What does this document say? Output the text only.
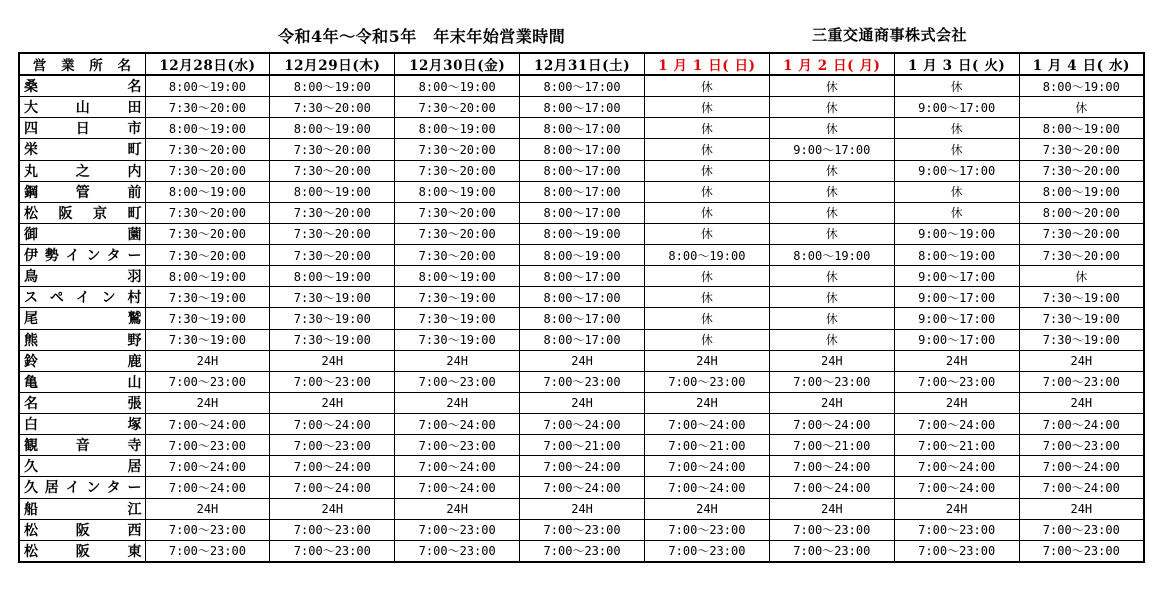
令和4年～令和5年　年末年始営業時間	三重交通商事株式会社
営　業　所　名	12月28日(水)	12月29日(木)	12月30日(金)	12月31日(土)	1 月 1 日( 日)	1 月 2 日( 月)	1 月 3 日( 火)	1 月 4 日( 水)
桑名	8:00～19:00	8:00～19:00	8:00～19:00	8:00～17:00	休	休	休	8:00～19:00
大山田	7:30～20:00	7:30～20:00	7:30～20:00	8:00～17:00	休	休	9:00～17:00	休
四日市	8:00～19:00	8:00～19:00	8:00～19:00	8:00～17:00	休	休	休	8:00～19:00
栄町	7:30～20:00	7:30～20:00	7:30～20:00	8:00～17:00	休	9:00～17:00	休	7:30～20:00
丸之内	7:30～20:00	7:30～20:00	7:30～20:00	8:00～17:00	休	休	9:00～17:00	7:30～20:00
鋼管前	8:00～19:00	8:00～19:00	8:00～19:00	8:00～17:00	休	休	休	8:00～19:00
松阪京町	7:30～20:00	7:30～20:00	7:30～20:00	8:00～17:00	休	休	休	8:00～20:00
御薗	7:30～20:00	7:30～20:00	7:30～20:00	8:00～19:00	休	休	9:00～19:00	7:30～20:00
伊勢インター	7:30～20:00	7:30～20:00	7:30～20:00	8:00～19:00	8:00～19:00	8:00～19:00	8:00～19:00	7:30～20:00
鳥羽	8:00～19:00	8:00～19:00	8:00～19:00	8:00～17:00	休	休	9:00～17:00	休
スペイン村	7:30～19:00	7:30～19:00	7:30～19:00	8:00～17:00	休	休	9:00～17:00	7:30～19:00
尾鷲	7:30～19:00	7:30～19:00	7:30～19:00	8:00～17:00	休	休	9:00～17:00	7:30～19:00
熊野	7:30～19:00	7:30～19:00	7:30～19:00	8:00～17:00	休	休	9:00～17:00	7:30～19:00
鈴鹿	24H	24H	24H	24H	24H	24H	24H	24H
亀山	7:00～23:00	7:00～23:00	7:00～23:00	7:00～23:00	7:00～23:00	7:00～23:00	7:00～23:00	7:00～23:00
名張	24H	24H	24H	24H	24H	24H	24H	24H
白塚	7:00～24:00	7:00～24:00	7:00～24:00	7:00～24:00	7:00～24:00	7:00～24:00	7:00～24:00	7:00～24:00
観音寺	7:00～23:00	7:00～23:00	7:00～23:00	7:00～21:00	7:00～21:00	7:00～21:00	7:00～21:00	7:00～23:00
久居	7:00～24:00	7:00～24:00	7:00～24:00	7:00～24:00	7:00～24:00	7:00～24:00	7:00～24:00	7:00～24:00
久居インター	7:00～24:00	7:00～24:00	7:00～24:00	7:00～24:00	7:00～24:00	7:00～24:00	7:00～24:00	7:00～24:00
船江	24H	24H	24H	24H	24H	24H	24H	24H
松阪西	7:00～23:00	7:00～23:00	7:00～23:00	7:00～23:00	7:00～23:00	7:00～23:00	7:00～23:00	7:00～23:00
松阪東	7:00～23:00	7:00～23:00	7:00～23:00	7:00～23:00	7:00～23:00	7:00～23:00	7:00～23:00	7:00～23:00
